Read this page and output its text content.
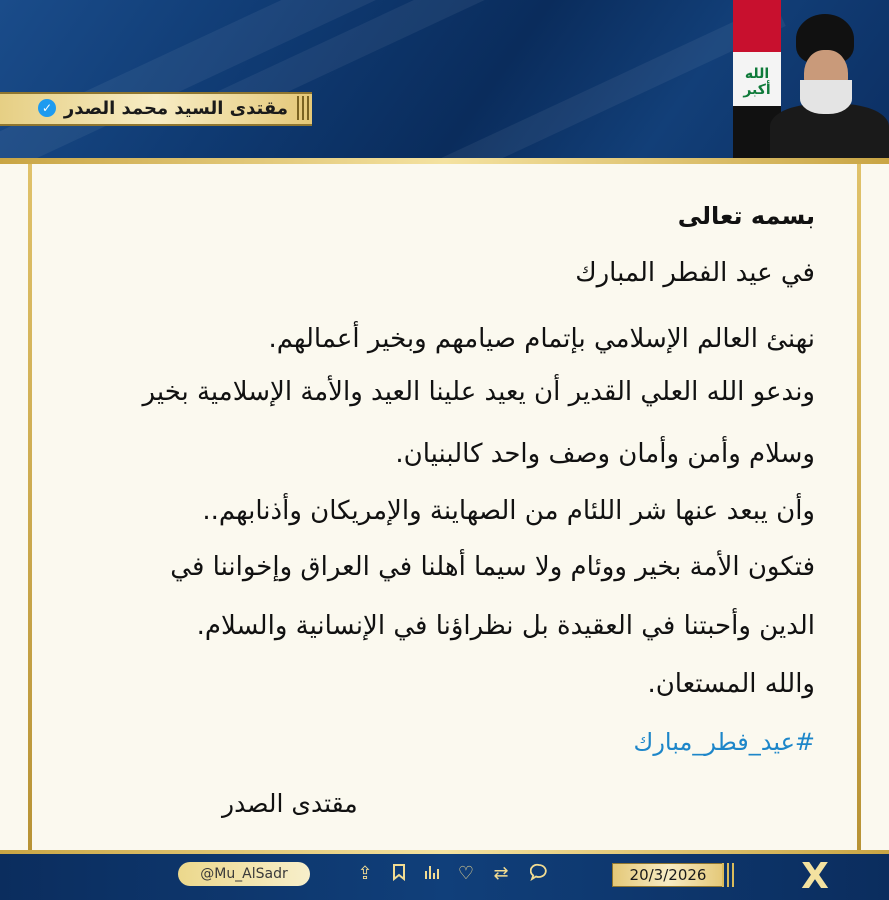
✓ مقتدى السيد محمد الصدر
الله أكبر
بسمه تعالى
في عيد الفطر المبارك
نهنئ العالم الإسلامي بإتمام صيامهم وبخير أعمالهم.
وندعو الله العلي القدير أن يعيد علينا العيد والأمة الإسلامية بخير
وسلام وأمن وأمان وصف واحد كالبنيان.
وأن يبعد عنها شر اللئام من الصهاينة والإمريكان وأذنابهم..
فتكون الأمة بخير ووئام ولا سيما أهلنا في العراق وإخواننا في
الدين وأحبتنا في العقيدة بل نظراؤنا في الإنسانية والسلام.
والله المستعان.
#عيد_فطر_مبارك
مقتدى الصدر
@Mu_AlSadr	⇪	♡ ⇄	20/3/2026	X
